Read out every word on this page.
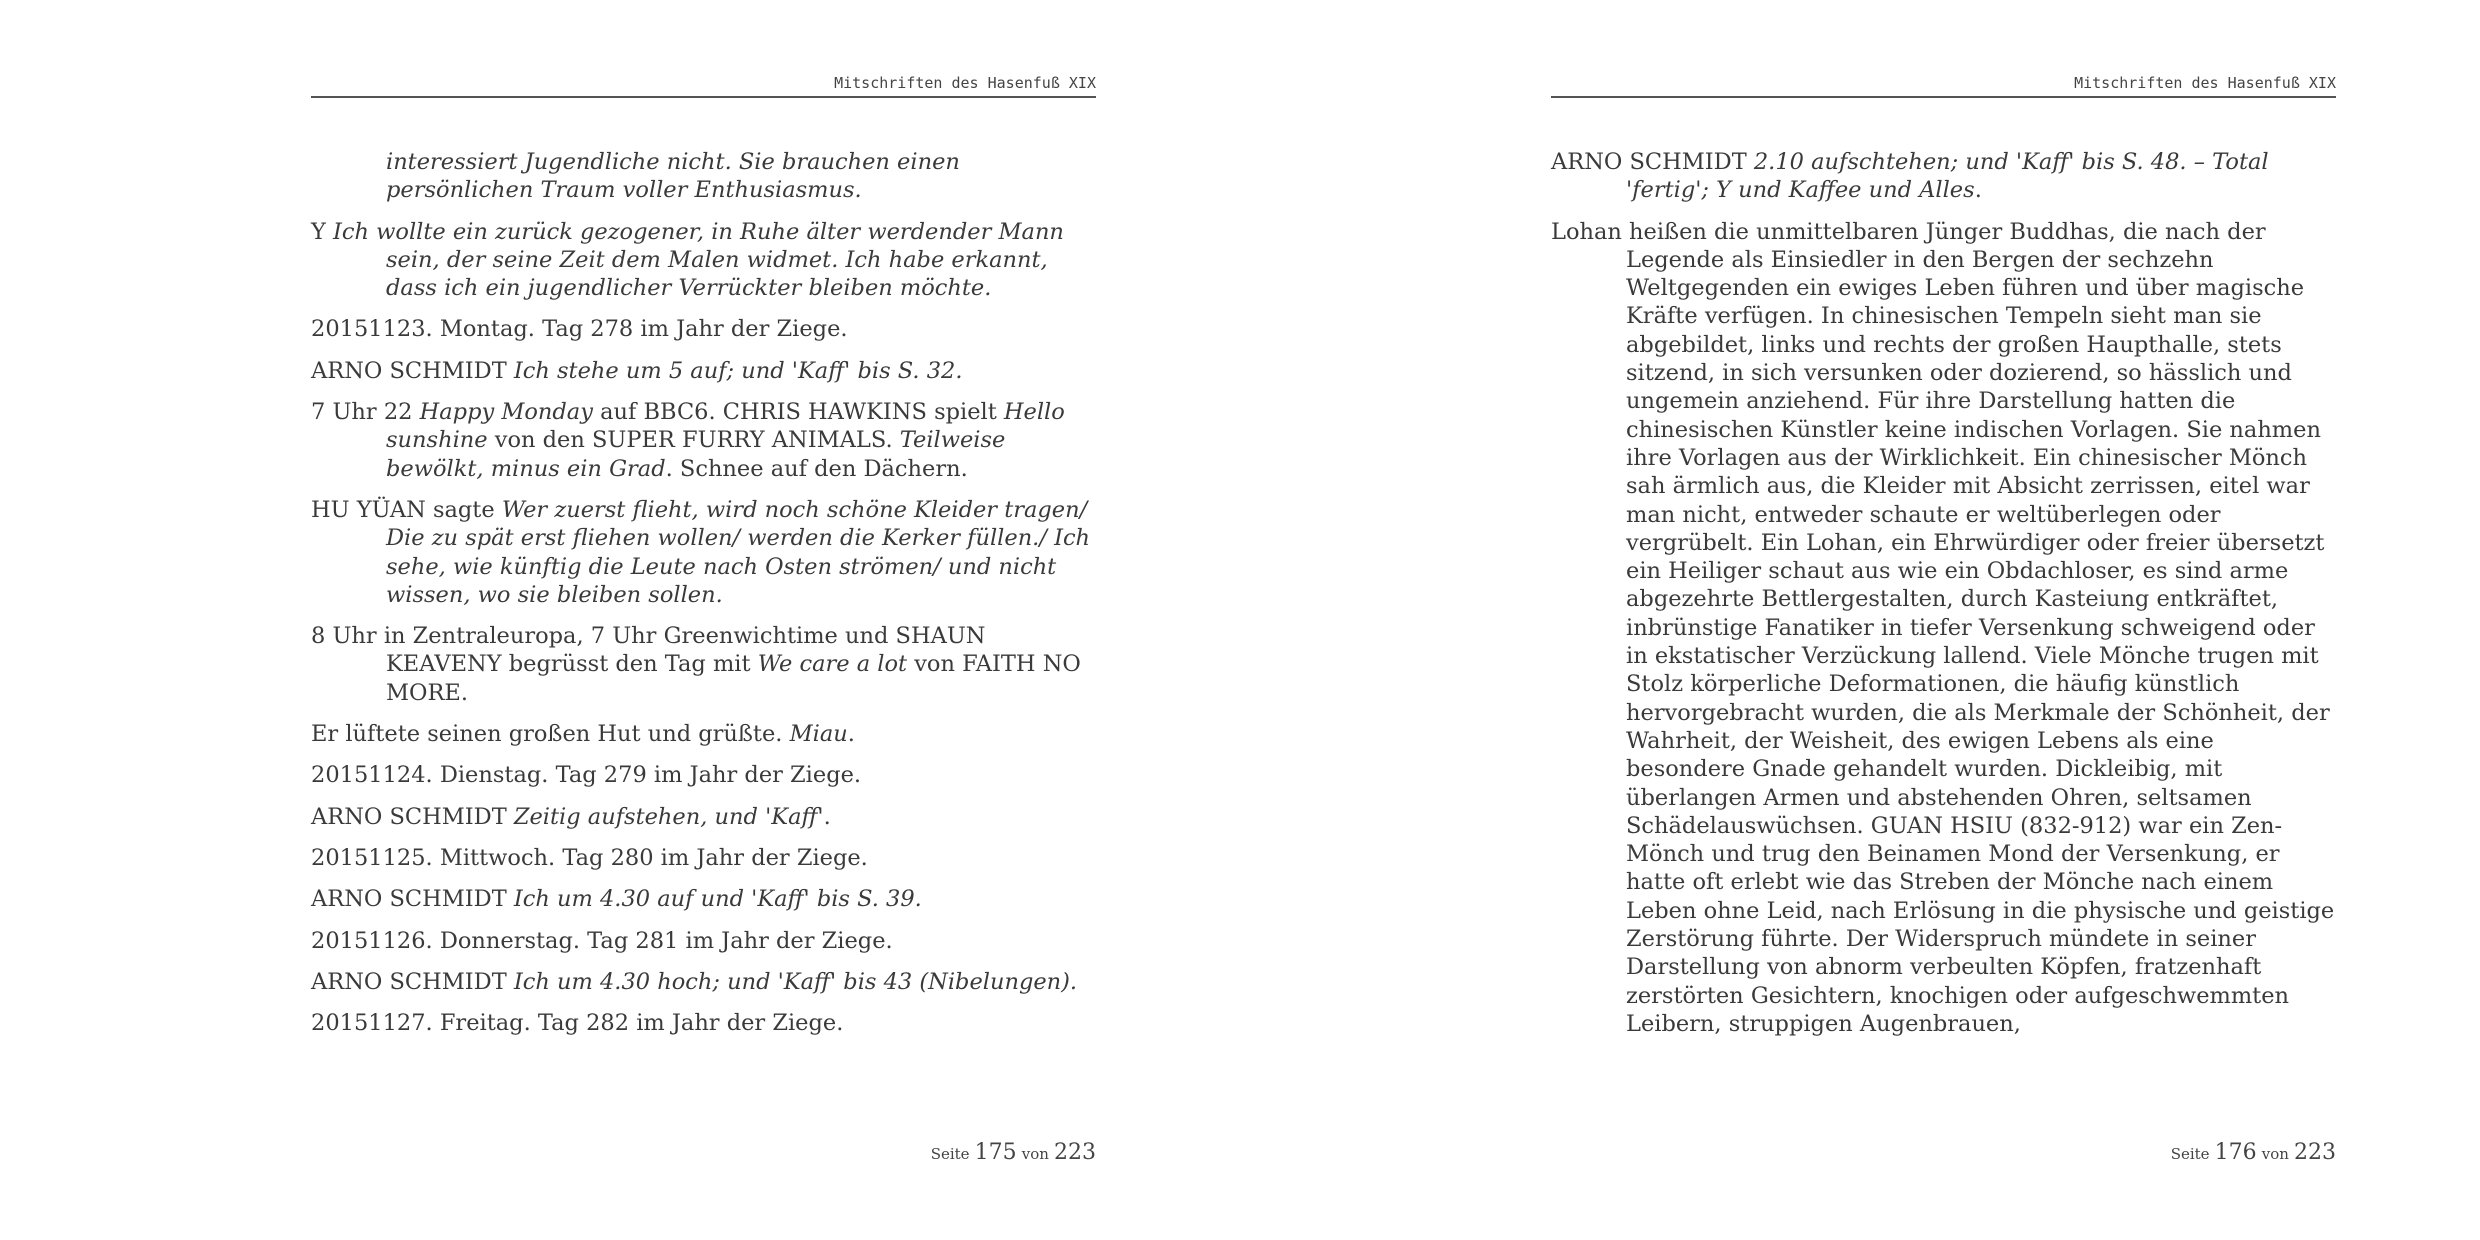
Mitschriften des Hasenfuß XIX

interessiert Jugendliche nicht. Sie brauchen einen persönlichen Traum voller Enthusiasmus.

Y Ich wollte ein zurück gezogener, in Ruhe älter werdender Mann sein, der seine Zeit dem Malen widmet. Ich habe erkannt, dass ich ein jugendlicher Verrückter bleiben möchte.

20151123. Montag. Tag 278 im Jahr der Ziege.

ARNO SCHMIDT Ich stehe um 5 auf; und 'Kaff' bis S. 32.

7 Uhr 22 Happy Monday auf BBC6. CHRIS HAWKINS spielt Hello sunshine von den SUPER FURRY ANIMALS. Teilweise bewölkt, minus ein Grad. Schnee auf den Dächern.

HU YÜAN sagte Wer zuerst flieht, wird noch schöne Kleider tragen/ Die zu spät erst fliehen wollen/ werden die Kerker füllen./ Ich sehe, wie künftig die Leute nach Osten strömen/ und nicht wissen, wo sie bleiben sollen.

8 Uhr in Zentraleuropa, 7 Uhr Greenwichtime und SHAUN KEAVENY begrüsst den Tag mit We care a lot von FAITH NO MORE.

Er lüftete seinen großen Hut und grüßte. Miau.

20151124. Dienstag. Tag 279 im Jahr der Ziege.

ARNO SCHMIDT Zeitig aufstehen, und 'Kaff'.

20151125. Mittwoch. Tag 280 im Jahr der Ziege.

ARNO SCHMIDT Ich um 4.30 auf und 'Kaff' bis S. 39.

20151126. Donnerstag. Tag 281 im Jahr der Ziege.

ARNO SCHMIDT Ich um 4.30 hoch; und 'Kaff' bis 43 (Nibelungen).

20151127. Freitag. Tag 282 im Jahr der Ziege.

Seite 175 von 223
Mitschriften des Hasenfuß XIX

ARNO SCHMIDT 2.10 aufschtehen; und 'Kaff' bis S. 48. – Total 'fertig'; Y und Kaffee und Alles.

Lohan heißen die unmittelbaren Jünger Buddhas, die nach der Legende als Einsiedler in den Bergen der sechzehn Weltgegenden ein ewiges Leben führen und über magische Kräfte verfügen. In chinesischen Tempeln sieht man sie abgebildet, links und rechts der großen Haupthalle, stets sitzend, in sich versunken oder dozierend, so hässlich und ungemein anziehend. Für ihre Darstellung hatten die chinesischen Künstler keine indischen Vorlagen. Sie nahmen ihre Vorlagen aus der Wirklichkeit. Ein chinesischer Mönch sah ärmlich aus, die Kleider mit Absicht zerrissen, eitel war man nicht, entweder schaute er weltüberlegen oder vergrübelt. Ein Lohan, ein Ehrwürdiger oder freier übersetzt ein Heiliger schaut aus wie ein Obdachloser, es sind arme abgezehrte Bettlergestalten, durch Kasteiung entkräftet, inbrünstige Fanatiker in tiefer Versenkung schweigend oder in ekstatischer Verzückung lallend. Viele Mönche trugen mit Stolz körperliche Deformationen, die häufig künstlich hervorgebracht wurden, die als Merkmale der Schönheit, der Wahrheit, der Weisheit, des ewigen Lebens als eine besondere Gnade gehandelt wurden. Dickleibig, mit überlangen Armen und abstehenden Ohren, seltsamen Schädelauswüchsen. GUAN HSIU (832-912) war ein Zen-Mönch und trug den Beinamen Mond der Versenkung, er hatte oft erlebt wie das Streben der Mönche nach einem Leben ohne Leid, nach Erlösung in die physische und geistige Zerstörung führte. Der Widerspruch mündete in seiner Darstellung von abnorm verbeulten Köpfen, fratzenhaft zerstörten Gesichtern, knochigen oder aufgeschwemmten Leibern, struppigen Augenbrauen,

Seite 176 von 223
